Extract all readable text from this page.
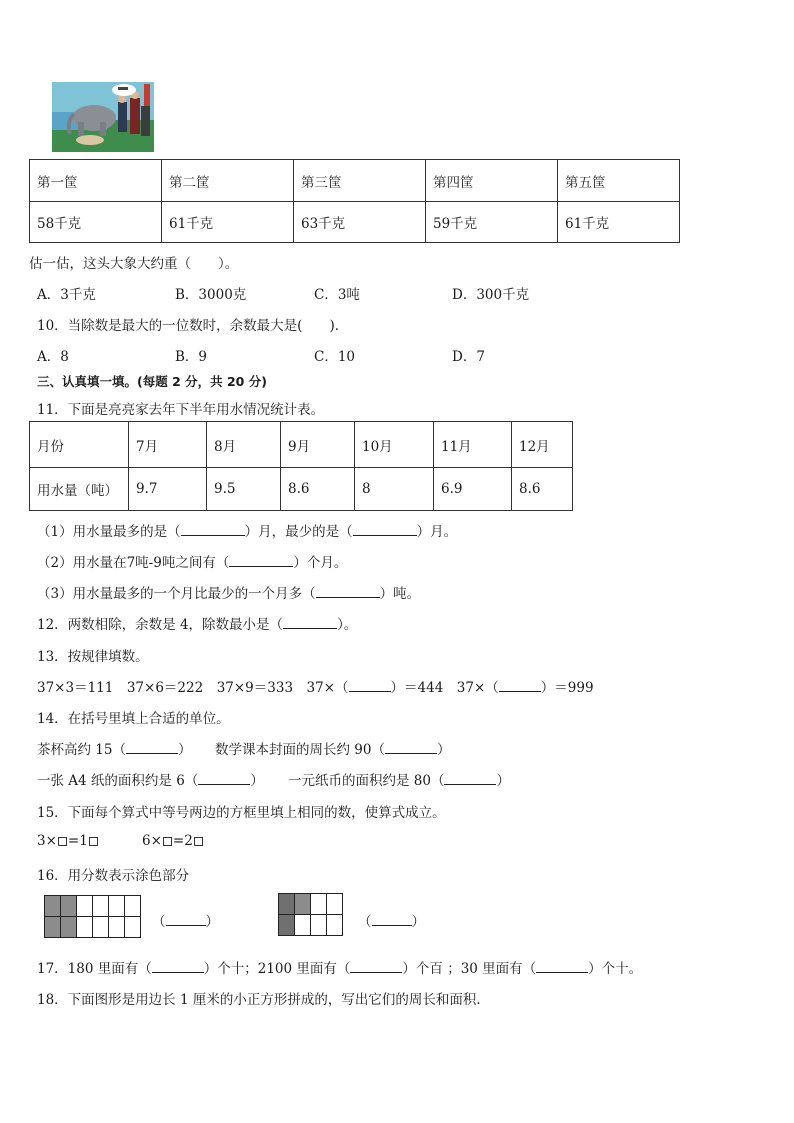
第一筐	第二筐	第三筐	第四筐	第五筐
58千克	61千克	63千克	59千克	61千克
估一估，这头大象大约重（　　）。
A．3千克	B．3000克	C．3吨	D．300千克
10．当除数是最大的一位数时，余数最大是(　　)．
A．8	B．9	C．10	D．7
三、认真填一填。(每题 2 分，共 20 分)
11．下面是亮亮家去年下半年用水情况统计表。
月份	7月	8月	9月	10月	11月	12月
用水量（吨）	9.7	9.5	8.6	8	6.9	8.6
（1）用水量最多的是（	）月，最少的是（	）月。
（2）用水量在7吨-9吨之间有（	）个月。
（3）用水量最多的一个月比最少的一个月多（	）吨。
12．两数相除，余数是 4，除数最小是（	）。
13．按规律填数。
37×3＝111　37×6＝222　37×9＝333　37×（	）＝444　37×（	）＝999
14．在括号里填上合适的单位。
茶杯高约 15（	） 数学课本封面的周长约 90（	）
一张 A4 纸的面积约是 6（	） 一元纸币的面积约是 80（	）
15．下面每个算式中等号两边的方框里填上相同的数，使算式成立。
3× =1	6× =2
16．用分数表示涂色部分

（	）

				（	）
17．180 里面有（	）个十；2100 里面有（	）个百 ；30 里面有（	）个十。
18．下面图形是用边长 1 厘米的小正方形拼成的，写出它们的周长和面积．
